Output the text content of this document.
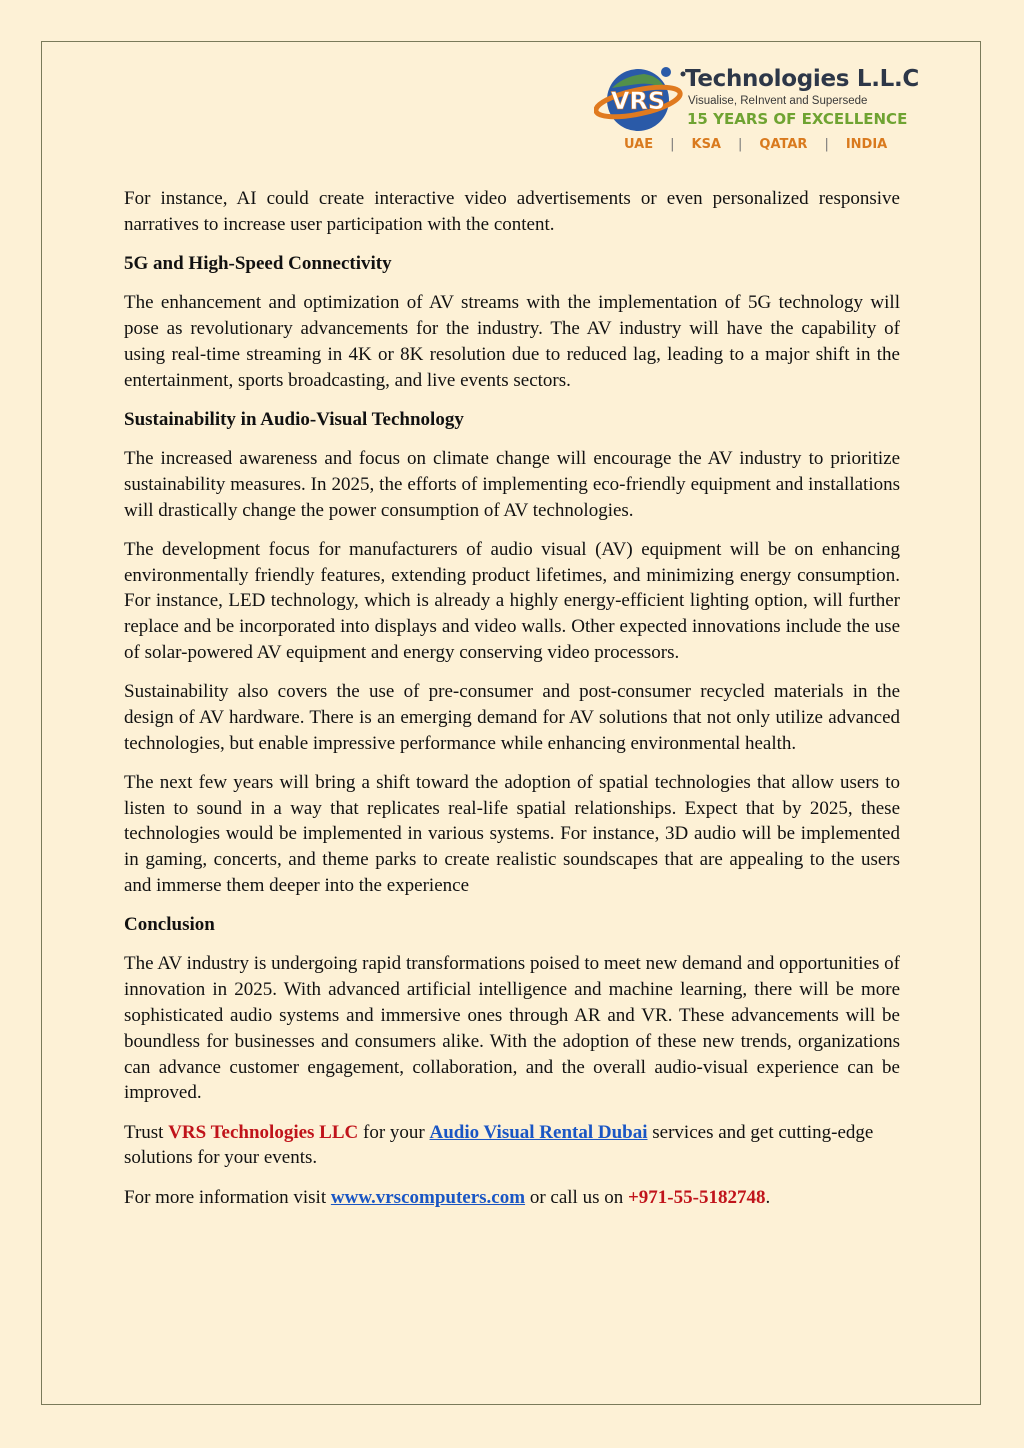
VRS
Technologies L.L.C
Visualise, ReInvent and Supersede
15 YEARS OF EXCELLENCE
UAE | KSA | QATAR | INDIA

For instance, AI could create interactive video advertisements or even personalized responsive narratives to increase user participation with the content.

5G and High-Speed Connectivity

The enhancement and optimization of AV streams with the implementation of 5G technology will pose as revolutionary advancements for the industry. The AV industry will have the capability of using real-time streaming in 4K or 8K resolution due to reduced lag, leading to a major shift in the entertainment, sports broadcasting, and live events sectors.

Sustainability in Audio-Visual Technology

The increased awareness and focus on climate change will encourage the AV industry to prioritize sustainability measures. In 2025, the efforts of implementing eco-friendly equipment and installations will drastically change the power consumption of AV technologies.

The development focus for manufacturers of audio visual (AV) equipment will be on enhancing environmentally friendly features, extending product lifetimes, and minimizing energy consumption. For instance, LED technology, which is already a highly energy-efficient lighting option, will further replace and be incorporated into displays and video walls. Other expected innovations include the use of solar-powered AV equipment and energy conserving video processors.

Sustainability also covers the use of pre-consumer and post-consumer recycled materials in the design of AV hardware. There is an emerging demand for AV solutions that not only utilize advanced technologies, but enable impressive performance while enhancing environmental health.

The next few years will bring a shift toward the adoption of spatial technologies that allow users to listen to sound in a way that replicates real-life spatial relationships. Expect that by 2025, these technologies would be implemented in various systems. For instance, 3D audio will be implemented in gaming, concerts, and theme parks to create realistic soundscapes that are appealing to the users and immerse them deeper into the experience

Conclusion

The AV industry is undergoing rapid transformations poised to meet new demand and opportunities of innovation in 2025. With advanced artificial intelligence and machine learning, there will be more sophisticated audio systems and immersive ones through AR and VR. These advancements will be boundless for businesses and consumers alike. With the adoption of these new trends, organizations can advance customer engagement, collaboration, and the overall audio-visual experience can be improved.

Trust VRS Technologies LLC for your Audio Visual Rental Dubai services and get cutting-edge solutions for your events.

For more information visit www.vrscomputers.com or call us on +971-55-5182748.
